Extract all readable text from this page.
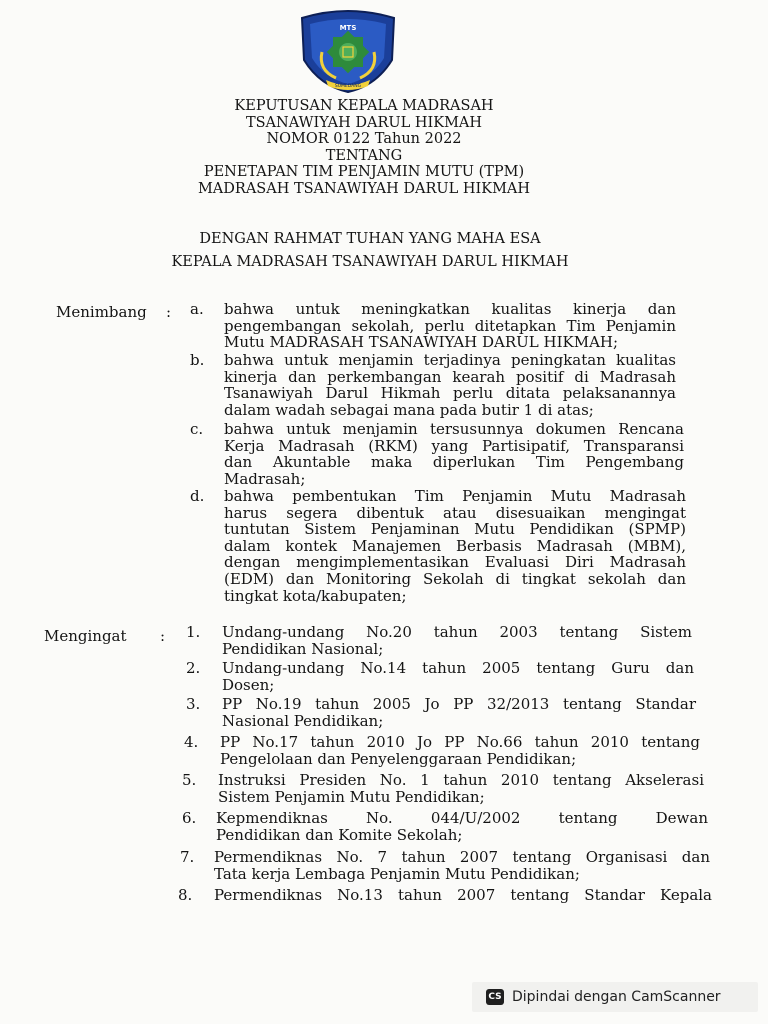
MTS
SUMEDANG
KEPUTUSAN KEPALA MADRASAH
TSANAWIYAH DARUL HIKMAH
NOMOR 0122 Tahun 2022
TENTANG
PENETAPAN TIM PENJAMIN MUTU (TPM)
MADRASAH TSANAWIYAH DARUL HIKMAH
DENGAN RAHMAT TUHAN YANG MAHA ESA
KEPALA MADRASAH TSANAWIYAH DARUL HIKMAH
Menimbang : a. bahwa untuk meningkatkan kualitas kinerja dan
pengembangan sekolah, perlu ditetapkan Tim Penjamin
Mutu MADRASAH TSANAWIYAH DARUL HIKMAH;
b. bahwa untuk menjamin terjadinya peningkatan kualitas
kinerja dan perkembangan kearah positif di Madrasah
Tsanawiyah Darul Hikmah perlu ditata pelaksanannya
dalam wadah sebagai mana pada butir 1 di atas;
c. bahwa untuk menjamin tersusunnya dokumen Rencana
Kerja Madrasah (RKM) yang Partisipatif, Transparansi
dan Akuntable maka diperlukan Tim Pengembang
Madrasah;
d. bahwa pembentukan Tim Penjamin Mutu Madrasah
harus segera dibentuk atau disesuaikan mengingat
tuntutan Sistem Penjaminan Mutu Pendidikan (SPMP)
dalam kontek Manajemen Berbasis Madrasah (MBM),
dengan mengimplementasikan Evaluasi Diri Madrasah
(EDM) dan Monitoring Sekolah di tingkat sekolah dan
tingkat kota/kabupaten;
Mengingat : 1. Undang-undang No.20 tahun 2003 tentang Sistem
Pendidikan Nasional;
2. Undang-undang No.14 tahun 2005 tentang Guru dan
Dosen;
3. PP No.19 tahun 2005 Jo PP 32/2013 tentang Standar
Nasional Pendidikan;
4. PP No.17 tahun 2010 Jo PP No.66 tahun 2010 tentang
Pengelolaan dan Penyelenggaraan Pendidikan;
5. Instruksi Presiden No. 1 tahun 2010 tentang Akselerasi
Sistem Penjamin Mutu Pendidikan;
6. Kepmendiknas No. 044/U/2002 tentang Dewan
Pendidikan dan Komite Sekolah;
7. Permendiknas No. 7 tahun 2007 tentang Organisasi dan
Tata kerja Lembaga Penjamin Mutu Pendidikan;
8. Permendiknas No.13 tahun 2007 tentang Standar Kepala
CS Dipindai dengan CamScanner
